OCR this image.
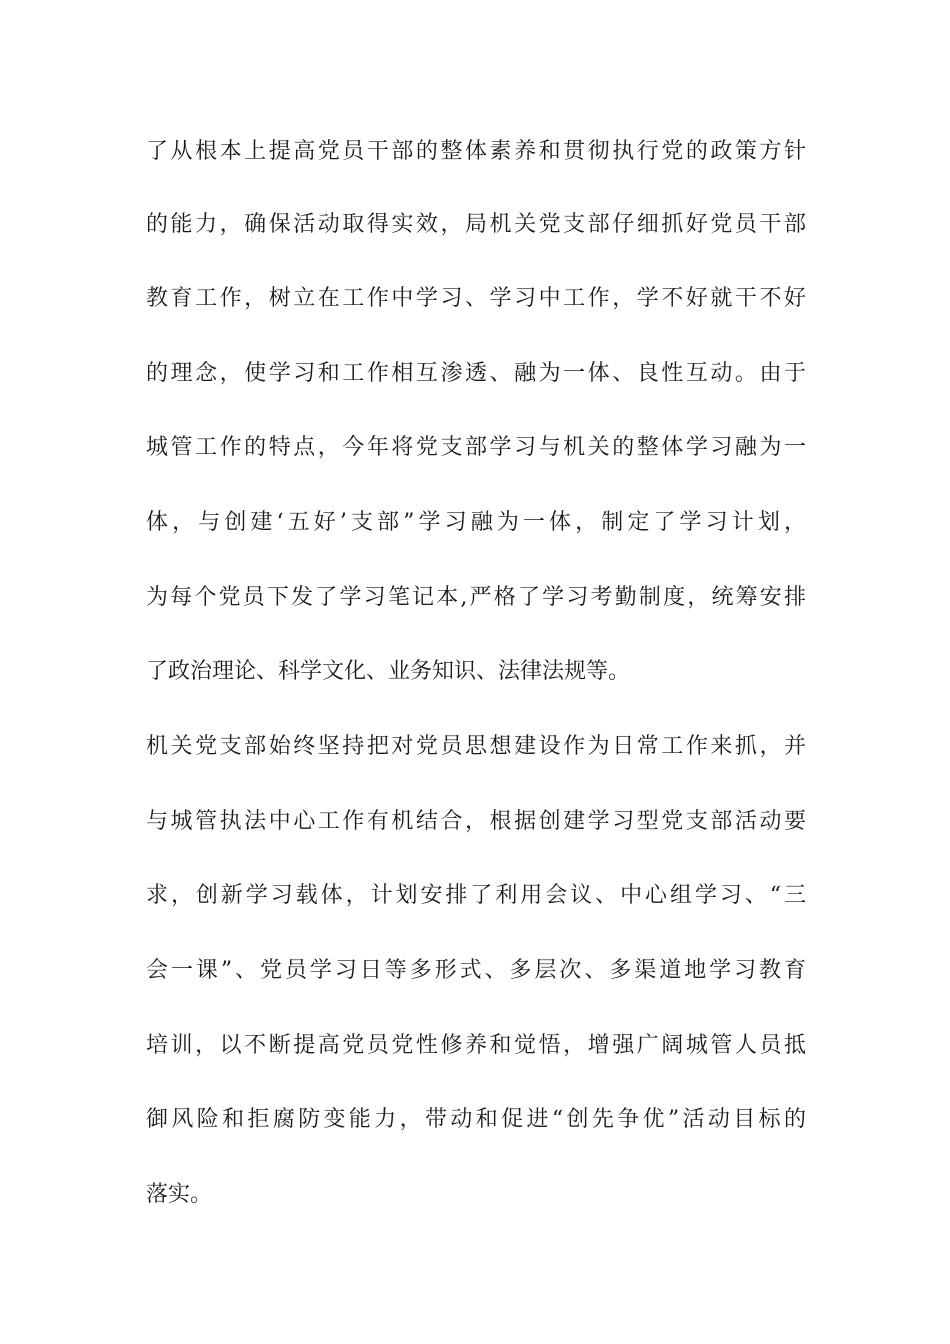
了从根本上提高党员干部的整体素养和贯彻执行党的政策方针
的能力，确保活动取得实效，局机关党支部仔细抓好党员干部
教育工作，树立在工作中学习、学习中工作，学不好就干不好
的理念，使学习和工作相互渗透、融为一体、良性互动。由于
城管工作的特点，今年将党支部学习与机关的整体学习融为一
体，与创建‘五好’支部”学习融为一体，制定了学习计划，
为每个党员下发了学习笔记本,严格了学习考勤制度，统筹安排
了政治理论、科学文化、业务知识、法律法规等。
机关党支部始终坚持把对党员思想建设作为日常工作来抓，并
与城管执法中心工作有机结合，根据创建学习型党支部活动要
求，创新学习载体，计划安排了利用会议、中心组学习、“三
会一课”、党员学习日等多形式、多层次、多渠道地学习教育
培训，以不断提高党员党性修养和觉悟，增强广阔城管人员抵
御风险和拒腐防变能力，带动和促进“创先争优”活动目标的
落实。
